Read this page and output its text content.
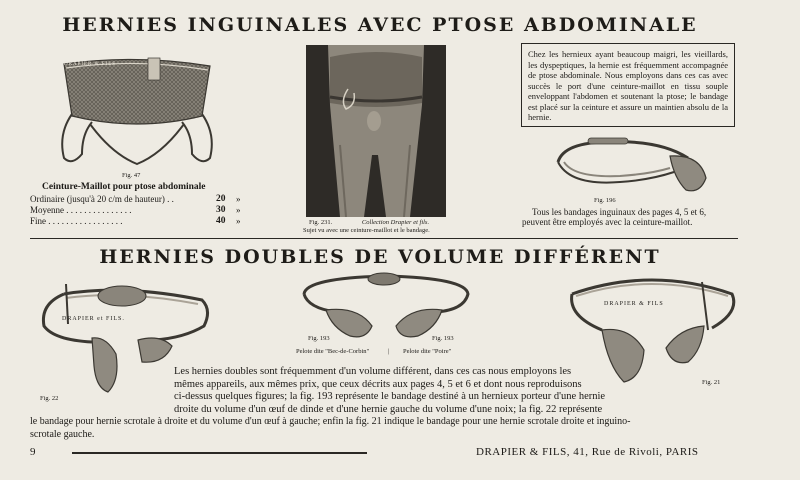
HERNIES INGUINALES AVEC PTOSE ABDOMINALE
DRAPIER & FILS
Fig. 47
Ceinture-Maillot pour ptose abdominale
Ordinaire (jusqu'à 20 c/m de hauteur) . .	20 »
Moyenne . . . . . . . . . . . . . . .	30 »
Fine . . . . . . . . . . . . . . . . .	40 »	Fig. 231.	Collection Drapier et fils.
Sujet vu avec une ceinture-maillot et le bandage.
Chez les hernieux ayant beaucoup maigri, les vieillards, les dyspeptiques, la hernie est fréquemment accompagnée de ptose abdominale. Nous employons dans ces cas avec succès le port d'une ceinture-maillot en tissu souple enveloppant l'abdomen et soutenant la ptose; le bandage est placé sur la ceinture et assure un maintien absolu de la hernie.
Fig. 196
Tous les bandages inguinaux des pages 4, 5 et 6,
peuvent être employés avec la ceinture-maillot.
HERNIES DOUBLES DE VOLUME DIFFÉRENT
DRAPIER et FILS.
Fig. 22
Fig. 193	Fig. 193
Pelote dite "Bec-de-Corbin"	| Pelote dite "Poire"
DRAPIER & FILS
Fig. 21
Les hernies doubles sont fréquemment d'un volume différent, dans ces cas nous employons les
mêmes appareils, aux mêmes prix, que ceux décrits aux pages 4, 5 et 6 et dont nous reproduisons
ci-dessus quelques figures; la fig. 193 représente le bandage destiné à un hernieux porteur d'une hernie
droite du volume d'un œuf de dinde et d'une hernie gauche du volume d'une noix; la fig. 22 représente
le bandage pour hernie scrotale à droite et du volume d'un œuf à gauche; enfin la fig. 21 indique le bandage pour une hernie scrotale droite et inguino-
scrotale gauche.
9	DRAPIER & FILS, 41, Rue de Rivoli, PARIS
